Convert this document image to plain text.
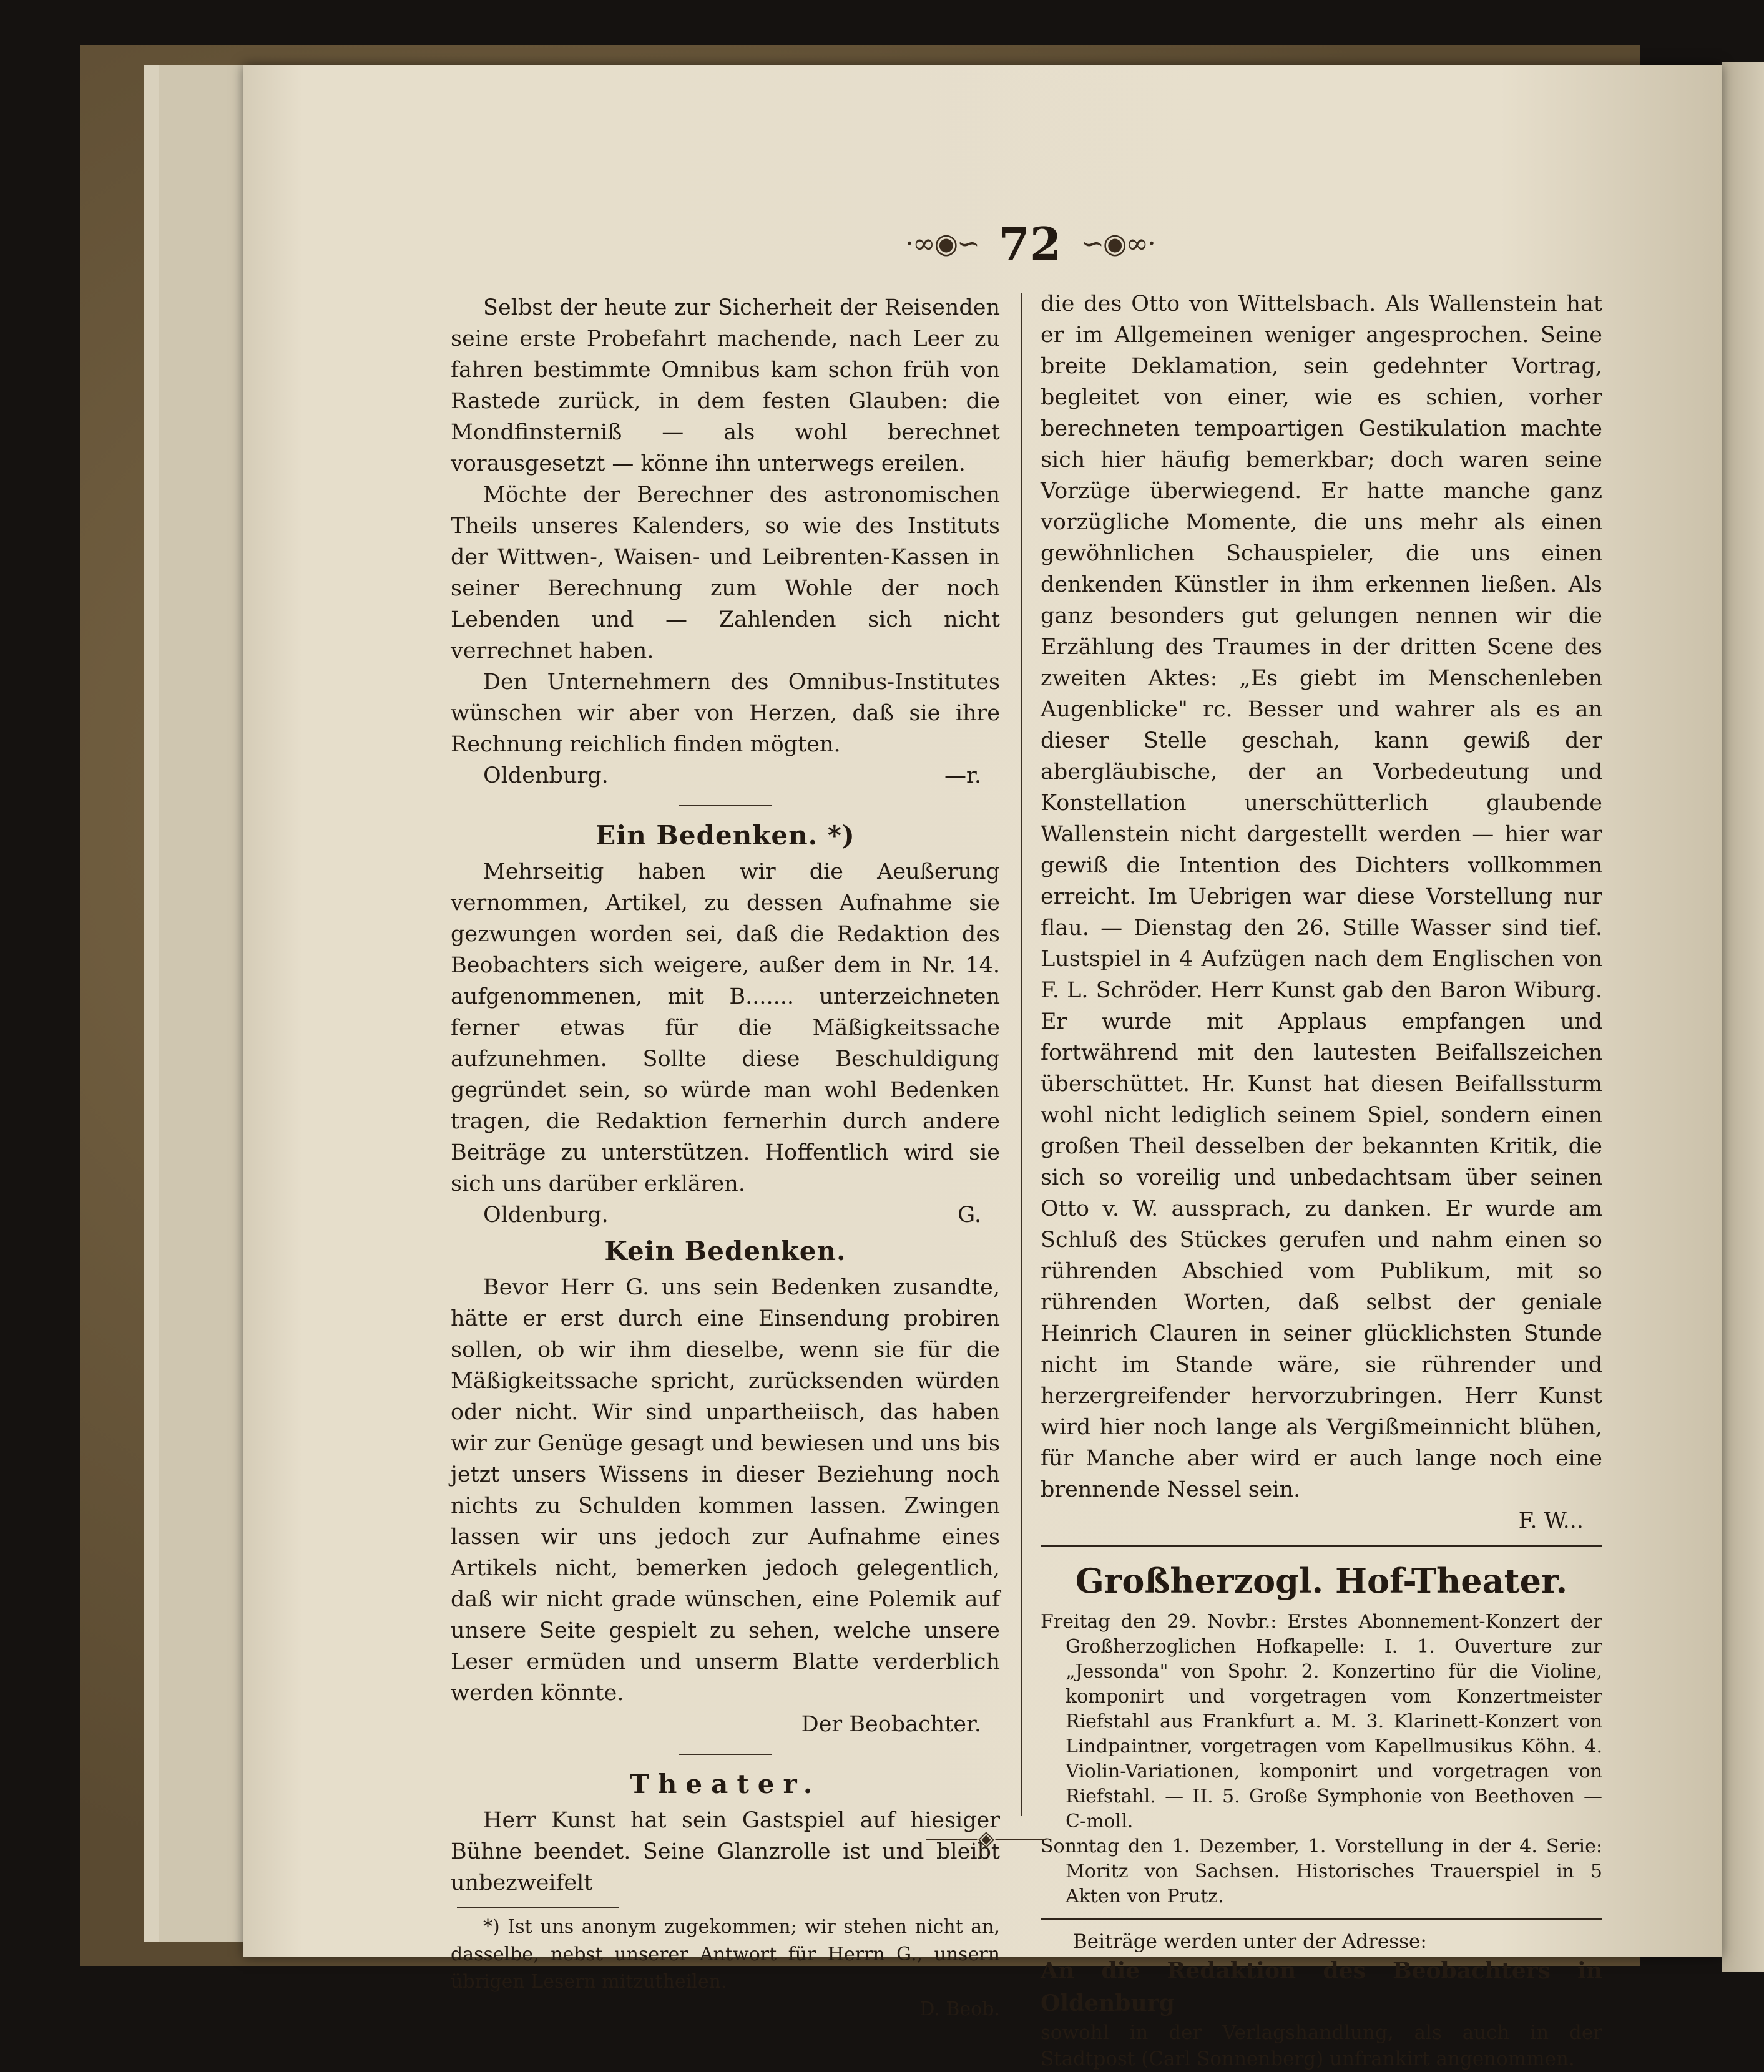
·∞◉∽ 72 ∽◉∞·

Selbst der heute zur Sicherheit der Reisenden seine erste Probefahrt machende, nach Leer zu fahren bestimmte Omnibus kam schon früh von Rastede zurück, in dem festen Glauben: die Mondfinsterniß — als wohl berechnet vorausgesetzt — könne ihn unterwegs ereilen.

Möchte der Berechner des astronomischen Theils unseres Kalenders, so wie des Instituts der Wittwen-, Waisen- und Leibrenten-Kassen in seiner Berechnung zum Wohle der noch Lebenden und — Zahlenden sich nicht verrechnet haben.

Den Unternehmern des Omnibus-Institutes wünschen wir aber von Herzen, daß sie ihre Rechnung reichlich finden mögten.

Oldenburg.	—r.
Ein Bedenken. *)

Mehrseitig haben wir die Aeußerung vernommen, Artikel, zu dessen Aufnahme sie gezwungen worden sei, daß die Redaktion des Beobachters sich weigere, außer dem in Nr. 14. aufgenommenen, mit B....... unterzeichneten ferner etwas für die Mäßigkeitssache aufzunehmen. Sollte diese Beschuldigung gegründet sein, so würde man wohl Bedenken tragen, die Redaktion fernerhin durch andere Beiträge zu unterstützen. Hoffentlich wird sie sich uns darüber erklären.

Oldenburg.	G.
Kein Bedenken.

Bevor Herr G. uns sein Bedenken zusandte, hätte er erst durch eine Einsendung probiren sollen, ob wir ihm dieselbe, wenn sie für die Mäßigkeitssache spricht, zurücksenden würden oder nicht. Wir sind unpartheiisch, das haben wir zur Genüge gesagt und bewiesen und uns bis jetzt unsers Wissens in dieser Beziehung noch nichts zu Schulden kommen lassen. Zwingen lassen wir uns jedoch zur Aufnahme eines Artikels nicht, bemerken jedoch gelegentlich, daß wir nicht grade wünschen, eine Polemik auf unsere Seite gespielt zu sehen, welche unsere Leser ermüden und unserm Blatte verderblich werden könnte.

Der Beobachter.
Theater.

Herr Kunst hat sein Gastspiel auf hiesiger Bühne beendet. Seine Glanzrolle ist und bleibt unbezweifelt

*) Ist uns anonym zugekommen; wir stehen nicht an, dasselbe, nebst unserer Antwort für Herrn G., unsern übrigen Lesern mitzutheilen.

D. Beob.

die des Otto von Wittelsbach. Als Wallenstein hat er im Allgemeinen weniger angesprochen. Seine breite Deklamation, sein gedehnter Vortrag, begleitet von einer, wie es schien, vorher berechneten tempoartigen Gestikulation machte sich hier häufig bemerkbar; doch waren seine Vorzüge überwiegend. Er hatte manche ganz vorzügliche Momente, die uns mehr als einen gewöhnlichen Schauspieler, die uns einen denkenden Künstler in ihm erkennen ließen. Als ganz besonders gut gelungen nennen wir die Erzählung des Traumes in der dritten Scene des zweiten Aktes: „Es giebt im Menschenleben Augenblicke" rc. Besser und wahrer als es an dieser Stelle geschah, kann gewiß der abergläubische, der an Vorbedeutung und Konstellation unerschütterlich glaubende Wallenstein nicht dargestellt werden — hier war gewiß die Intention des Dichters vollkommen erreicht. Im Uebrigen war diese Vorstellung nur flau. — Dienstag den 26. Stille Wasser sind tief. Lustspiel in 4 Aufzügen nach dem Englischen von F. L. Schröder. Herr Kunst gab den Baron Wiburg. Er wurde mit Applaus empfangen und fortwährend mit den lautesten Beifallszeichen überschüttet. Hr. Kunst hat diesen Beifallssturm wohl nicht lediglich seinem Spiel, sondern einen großen Theil desselben der bekannten Kritik, die sich so voreilig und unbedachtsam über seinen Otto v. W. aussprach, zu danken. Er wurde am Schluß des Stückes gerufen und nahm einen so rührenden Abschied vom Publikum, mit so rührenden Worten, daß selbst der geniale Heinrich Clauren in seiner glücklichsten Stunde nicht im Stande wäre, sie rührender und herzergreifender hervorzubringen. Herr Kunst wird hier noch lange als Vergißmeinnicht blühen, für Manche aber wird er auch lange noch eine brennende Nessel sein.

F. W...
Großherzogl. Hof-Theater.

Freitag den 29. Novbr.: Erstes Abonnement-Konzert der Großherzoglichen Hofkapelle: I. 1. Ouverture zur „Jessonda" von Spohr. 2. Konzertino für die Violine, komponirt und vorgetragen vom Konzertmeister Riefstahl aus Frankfurt a. M. 3. Klarinett-Konzert von Lindpaintner, vorgetragen vom Kapellmusikus Köhn. 4. Violin-Variationen, komponirt und vorgetragen von Riefstahl. — II. 5. Große Symphonie von Beethoven — C-moll.

Sonntag den 1. Dezember, 1. Vorstellung in der 4. Serie: Moritz von Sachsen. Historisches Trauerspiel in 5 Akten von Prutz.

Beiträge werden unter der Adresse:

An die Redaktion des Beobachters in Oldenburg

sowohl in der Verlagshandlung, als auch in der Stadtpost (Carl Sonnenberg) unfrankirt angenommen.

⸻◈⸻
